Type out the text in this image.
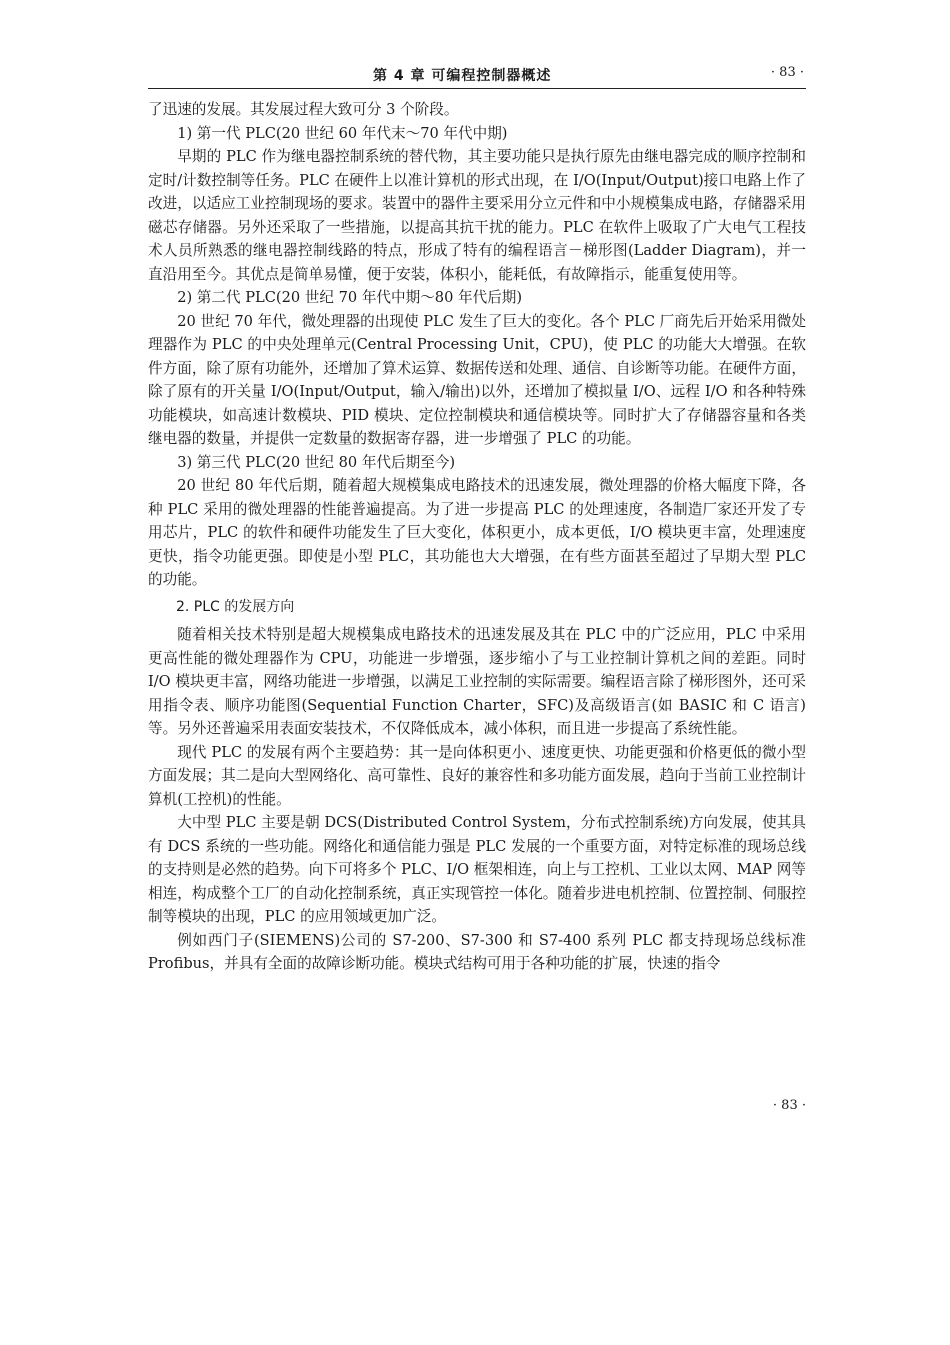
第 4 章 可编程控制器概述	· 83 ·

了迅速的发展。其发展过程大致可分 3 个阶段。

1) 第一代 PLC(20 世纪 60 年代末～70 年代中期)

早期的 PLC 作为继电器控制系统的替代物，其主要功能只是执行原先由继电器完成的顺序控制和定时/计数控制等任务。PLC 在硬件上以准计算机的形式出现，在 I/O(Input/Output)接口电路上作了改进，以适应工业控制现场的要求。装置中的器件主要采用分立元件和中小规模集成电路，存储器采用磁芯存储器。另外还采取了一些措施，以提高其抗干扰的能力。PLC 在软件上吸取了广大电气工程技术人员所熟悉的继电器控制线路的特点，形成了特有的编程语言－梯形图(Ladder Diagram)，并一直沿用至今。其优点是简单易懂，便于安装，体积小，能耗低，有故障指示，能重复使用等。

2) 第二代 PLC(20 世纪 70 年代中期～80 年代后期)

20 世纪 70 年代，微处理器的出现使 PLC 发生了巨大的变化。各个 PLC 厂商先后开始采用微处理器作为 PLC 的中央处理单元(Central Processing Unit，CPU)，使 PLC 的功能大大增强。在软件方面，除了原有功能外，还增加了算术运算、数据传送和处理、通信、自诊断等功能。在硬件方面，除了原有的开关量 I/O(Input/Output，输入/输出)以外，还增加了模拟量 I/O、远程 I/O 和各种特殊功能模块，如高速计数模块、PID 模块、定位控制模块和通信模块等。同时扩大了存储器容量和各类继电器的数量，并提供一定数量的数据寄存器，进一步增强了 PLC 的功能。

3) 第三代 PLC(20 世纪 80 年代后期至今)

20 世纪 80 年代后期，随着超大规模集成电路技术的迅速发展，微处理器的价格大幅度下降，各种 PLC 采用的微处理器的性能普遍提高。为了进一步提高 PLC 的处理速度，各制造厂家还开发了专用芯片，PLC 的软件和硬件功能发生了巨大变化，体积更小，成本更低，I/O 模块更丰富，处理速度更快，指令功能更强。即使是小型 PLC，其功能也大大增强，在有些方面甚至超过了早期大型 PLC 的功能。

2. PLC 的发展方向

随着相关技术特别是超大规模集成电路技术的迅速发展及其在 PLC 中的广泛应用，PLC 中采用更高性能的微处理器作为 CPU，功能进一步增强，逐步缩小了与工业控制计算机之间的差距。同时 I/O 模块更丰富，网络功能进一步增强，以满足工业控制的实际需要。编程语言除了梯形图外，还可采用指令表、顺序功能图(Sequential Function Charter，SFC)及高级语言(如 BASIC 和 C 语言)等。另外还普遍采用表面安装技术，不仅降低成本，减小体积，而且进一步提高了系统性能。

现代 PLC 的发展有两个主要趋势：其一是向体积更小、速度更快、功能更强和价格更低的微小型方面发展；其二是向大型网络化、高可靠性、良好的兼容性和多功能方面发展，趋向于当前工业控制计算机(工控机)的性能。

大中型 PLC 主要是朝 DCS(Distributed Control System，分布式控制系统)方向发展，使其具有 DCS 系统的一些功能。网络化和通信能力强是 PLC 发展的一个重要方面，对特定标准的现场总线的支持则是必然的趋势。向下可将多个 PLC、I/O 框架相连，向上与工控机、工业以太网、MAP 网等相连，构成整个工厂的自动化控制系统，真正实现管控一体化。随着步进电机控制、位置控制、伺服控制等模块的出现，PLC 的应用领域更加广泛。

例如西门子(SIEMENS)公司的 S7-200、S7-300 和 S7-400 系列 PLC 都支持现场总线标准 Profibus，并具有全面的故障诊断功能。模块式结构可用于各种功能的扩展，快速的指令

· 83 ·
